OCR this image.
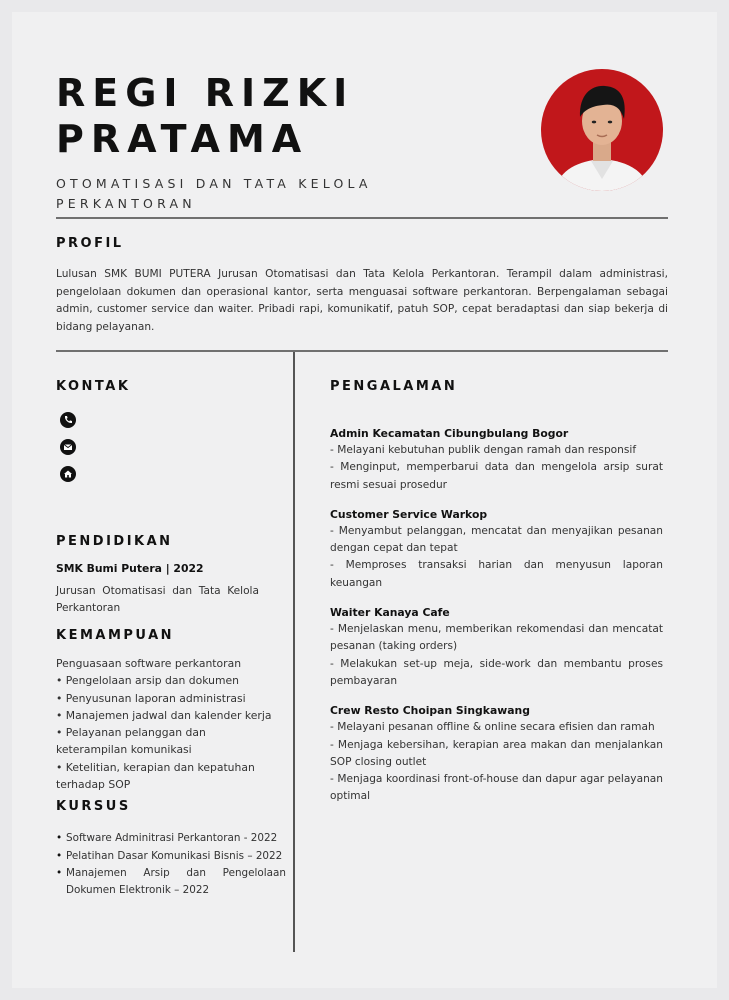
REGI RIZKI
PRATAMA
OTOMATISASI DAN TATA KELOLA
PERKANTORAN
PROFIL
Lulusan SMK BUMI PUTERA Jurusan Otomatisasi dan Tata Kelola Perkantoran. Terampil dalam administrasi, pengelolaan dokumen dan operasional kantor, serta menguasai software perkantoran. Berpengalaman sebagai admin, customer service dan waiter. Pribadi rapi, komunikatif, patuh SOP, cepat beradaptasi dan siap bekerja di bidang pelayanan.
KONTAK
PENDIDIKAN
SMK Bumi Putera | 2022
Jurusan Otomatisasi dan Tata Kelola Perkantoran
KEMAMPUAN
Penguasaan software perkantoran
• Pengelolaan arsip dan dokumen
• Penyusunan laporan administrasi
• Manajemen jadwal dan kalender kerja
• Pelayanan pelanggan dan keterampilan komunikasi
• Ketelitian, kerapian dan kepatuhan terhadap SOP
KURSUS
• Software Adminitrasi Perkantoran - 2022
• Pelatihan Dasar Komunikasi Bisnis – 2022
• Manajemen Arsip dan Pengelolaan Dokumen Elektronik – 2022
PENGALAMAN
Admin Kecamatan Cibungbulang Bogor
- Melayani kebutuhan publik dengan ramah dan responsif
- Menginput, memperbarui data dan mengelola arsip surat resmi sesuai prosedur
Customer Service Warkop
- Menyambut pelanggan, mencatat dan menyajikan pesanan dengan cepat dan tepat
- Memproses transaksi harian dan menyusun laporan keuangan
Waiter Kanaya Cafe
- Menjelaskan menu, memberikan rekomendasi dan mencatat pesanan (taking orders)
- Melakukan set-up meja, side-work dan membantu proses pembayaran
Crew Resto Choipan Singkawang
- Melayani pesanan offline & online secara efisien dan ramah
- Menjaga kebersihan, kerapian area makan dan menjalankan SOP closing outlet
- Menjaga koordinasi front-of-house dan dapur agar pelayanan optimal
